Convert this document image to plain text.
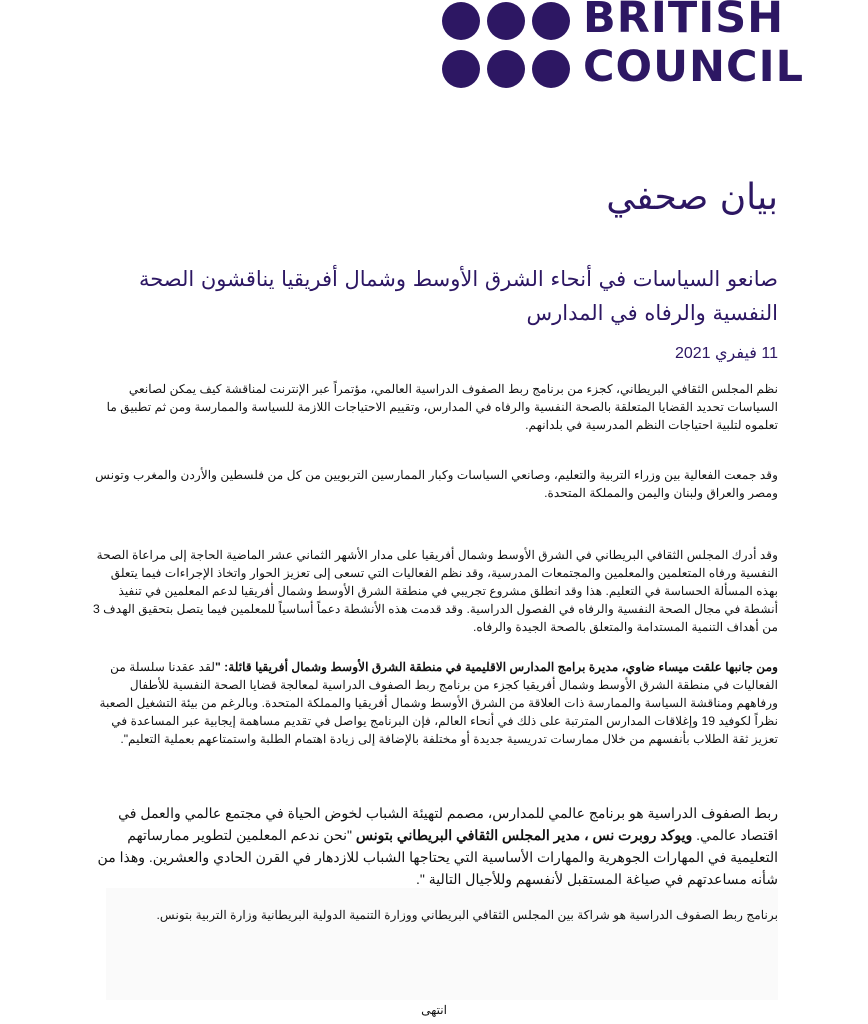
BRITISH
COUNCIL
بيان صحفي
صانعو السياسات في أنحاء الشرق الأوسط وشمال أفريقيا يناقشون الصحة النفسية والرفاه في المدارس
11 فيفري 2021
نظم المجلس الثقافي البريطاني، كجزء من برنامج ربط الصفوف الدراسية العالمي، مؤتمراً عبر الإنترنت لمناقشة كيف يمكن لصانعي السياسات تحديد القضايا المتعلقة بالصحة النفسية والرفاه في المدارس، وتقييم الاحتياجات اللازمة للسياسة والممارسة ومن ثم تطبيق ما تعلموه لتلبية احتياجات النظم المدرسية في بلدانهم.
وقد جمعت الفعالية بين وزراء التربية والتعليم، وصانعي السياسات وكبار الممارسين التربويين من كل من فلسطين والأردن والمغرب وتونس ومصر والعراق ولبنان واليمن والمملكة المتحدة.
وقد أدرك المجلس الثقافي البريطاني في الشرق الأوسط وشمال أفريقيا على مدار الأشهر الثماني عشر الماضية الحاجة إلى مراعاة الصحة النفسية ورفاه المتعلمين والمعلمين والمجتمعات المدرسية، وقد نظم الفعاليات التي تسعى إلى تعزيز الحوار واتخاذ الإجراءات فيما يتعلق بهذه المسألة الحساسة في التعليم. هذا وقد انطلق مشروع تجريبي في منطقة الشرق الأوسط وشمال أفريقيا لدعم المعلمين في تنفيذ أنشطة في مجال الصحة النفسية والرفاه في الفصول الدراسية. وقد قدمت هذه الأنشطة دعماً أساسياً للمعلمين فيما يتصل بتحقيق الهدف 3 من أهداف التنمية المستدامة والمتعلق بالصحة الجيدة والرفاه.
ومن جانبها علقت ميساء ضاوي، مديرة برامج المدارس الاقليمية في منطقة الشرق الأوسط وشمال أفريقيا قائلة: "لقد عقدنا سلسلة من الفعاليات في منطقة الشرق الأوسط وشمال أفريقيا كجزء من برنامج ربط الصفوف الدراسية لمعالجة قضايا الصحة النفسية للأطفال ورفاههم ومناقشة السياسة والممارسة ذات العلاقة من الشرق الأوسط وشمال أفريقيا والمملكة المتحدة. وبالرغم من بيئة التشغيل الصعبة نظراً لكوفيد 19 وإغلاقات المدارس المترتبة على ذلك في أنحاء العالم، فإن البرنامج يواصل في تقديم مساهمة إيجابية عبر المساعدة في تعزيز ثقة الطلاب بأنفسهم من خلال ممارسات تدريسية جديدة أو مختلفة بالإضافة إلى زيادة اهتمام الطلبة واستمتاعهم بعملية التعليم".
ربط الصفوف الدراسية هو برنامج عالمي للمدارس، مصمم لتهيئة الشباب لخوض الحياة في مجتمع عالمي والعمل في اقتصاد عالمي. ويوكد روبرت نس ، مدير المجلس الثقافي البريطاني بتونس "نحن ندعم المعلمين لتطوير ممارساتهم التعليمية في المهارات الجوهرية والمهارات الأساسية التي يحتاجها الشباب للازدهار في القرن الحادي والعشرين. وهذا من شأنه مساعدتهم في صياغة المستقبل لأنفسهم وللأجيال التالية ".
برنامج ربط الصفوف الدراسية هو شراكة بين المجلس الثقافي البريطاني ووزارة التنمية الدولية البريطانية وزارة التربية بتونس.
انتهى
